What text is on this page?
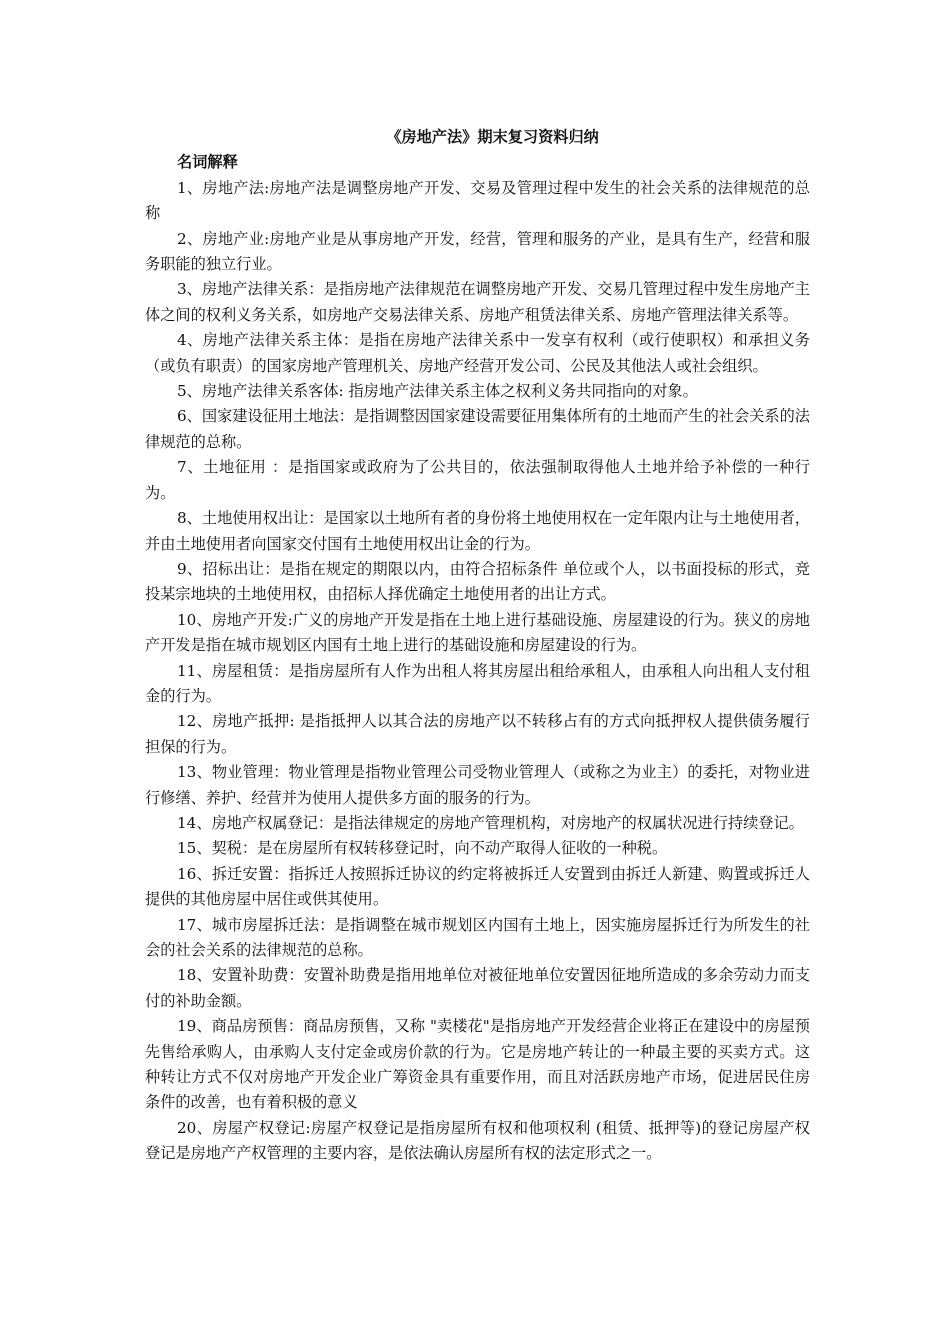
《房地产法》期末复习资料归纳

名词解释

1、房地产法:房地产法是调整房地产开发、交易及管理过程中发生的社会关系的法律规范的总称

2、房地产业:房地产业是从事房地产开发，经营，管理和服务的产业，是具有生产，经营和服务职能的独立行业。

3、房地产法律关系：是指房地产法律规范在调整房地产开发、交易几管理过程中发生房地产主体之间的权利义务关系，如房地产交易法律关系、房地产租赁法律关系、房地产管理法律关系等。

4、房地产法律关系主体：是指在房地产法律关系中一发享有权利（或行使职权）和承担义务（或负有职责）的国家房地产管理机关、房地产经营开发公司、公民及其他法人或社会组织。

5、房地产法律关系客体: 指房地产法律关系主体之权利义务共同指向的对象。

6、国家建设征用土地法：是指调整因国家建设需要征用集体所有的土地而产生的社会关系的法律规范的总称。

7、土地征用 ：是指国家或政府为了公共目的，依法强制取得他人土地并给予补偿的一种行为。

8、土地使用权出让：是国家以土地所有者的身份将土地使用权在一定年限内让与土地使用者，并由土地使用者向国家交付国有土地使用权出让金的行为。

9、招标出让：是指在规定的期限以内，由符合招标条件 单位或个人，以书面投标的形式，竞投某宗地块的土地使用权，由招标人择优确定土地使用者的出让方式。

10、房地产开发:广义的房地产开发是指在土地上进行基础设施、房屋建设的行为。狭义的房地产开发是指在城市规划区内国有土地上进行的基础设施和房屋建设的行为。

11、房屋租赁：是指房屋所有人作为出租人将其房屋出租给承租人，由承租人向出租人支付租金的行为。

12、房地产抵押: 是指抵押人以其合法的房地产以不转移占有的方式向抵押权人提供债务履行担保的行为。

13、物业管理：物业管理是指物业管理公司受物业管理人（或称之为业主）的委托，对物业进行修缮、养护、经营并为使用人提供多方面的服务的行为。

14、房地产权属登记：是指法律规定的房地产管理机构，对房地产的权属状况进行持续登记。

15、契税：是在房屋所有权转移登记时，向不动产取得人征收的一种税。

16、拆迁安置：指拆迁人按照拆迁协议的约定将被拆迁人安置到由拆迁人新建、购置或拆迁人提供的其他房屋中居住或供其使用。

17、城市房屋拆迁法：是指调整在城市规划区内国有土地上，因实施房屋拆迁行为所发生的社会的社会关系的法律规范的总称。

18、安置补助费：安置补助费是指用地单位对被征地单位安置因征地所造成的多余劳动力而支付的补助金额。

19、商品房预售：商品房预售，又称 "卖楼花"是指房地产开发经营企业将正在建设中的房屋预先售给承购人，由承购人支付定金或房价款的行为。它是房地产转让的一种最主要的买卖方式。这种转让方式不仅对房地产开发企业广筹资金具有重要作用，而且对活跃房地产市场，促进居民住房条件的改善，也有着积极的意义

20、房屋产权登记:房屋产权登记是指房屋所有权和他项权利 (租赁、抵押等)的登记房屋产权登记是房地产产权管理的主要内容，是依法确认房屋所有权的法定形式之一。
